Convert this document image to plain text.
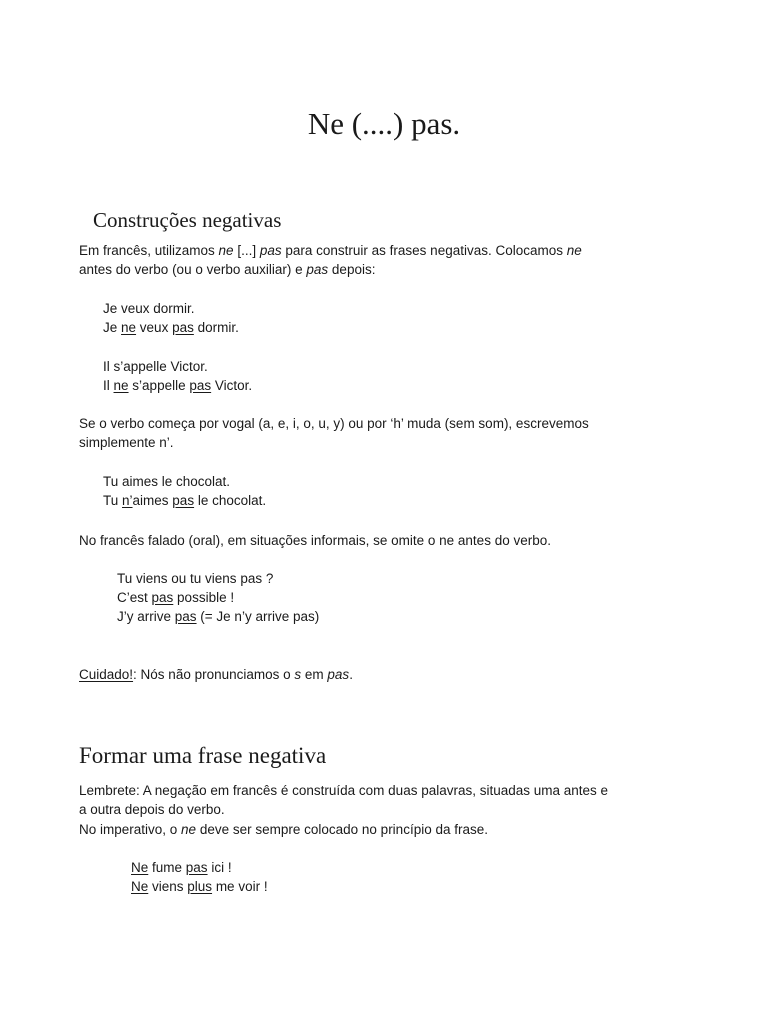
Ne (....) pas.
Construções negativas
Em francês, utilizamos ne [...] pas para construir as frases negativas. Colocamos ne
antes do verbo (ou o verbo auxiliar) e pas depois:
Je veux dormir.
Je ne veux pas dormir.
Il s’appelle Victor.
Il ne s’appelle pas Victor.
Se o verbo começa por vogal (a, e, i, o, u, y) ou por ‘h’ muda (sem som), escrevemos
simplemente n’.
Tu aimes le chocolat.
Tu n’aimes pas le chocolat.
No francês falado (oral), em situações informais, se omite o ne antes do verbo.
Tu viens ou tu viens pas ?
C’est pas possible !
J’y arrive pas (= Je n’y arrive pas)
Cuidado!: Nós não pronunciamos o s em pas.
Formar uma frase negativa
Lembrete: A negação em francês é construída com duas palavras, situadas uma antes e
a outra depois do verbo.
No imperativo, o ne deve ser sempre colocado no princípio da frase.
Ne fume pas ici !
Ne viens plus me voir !
